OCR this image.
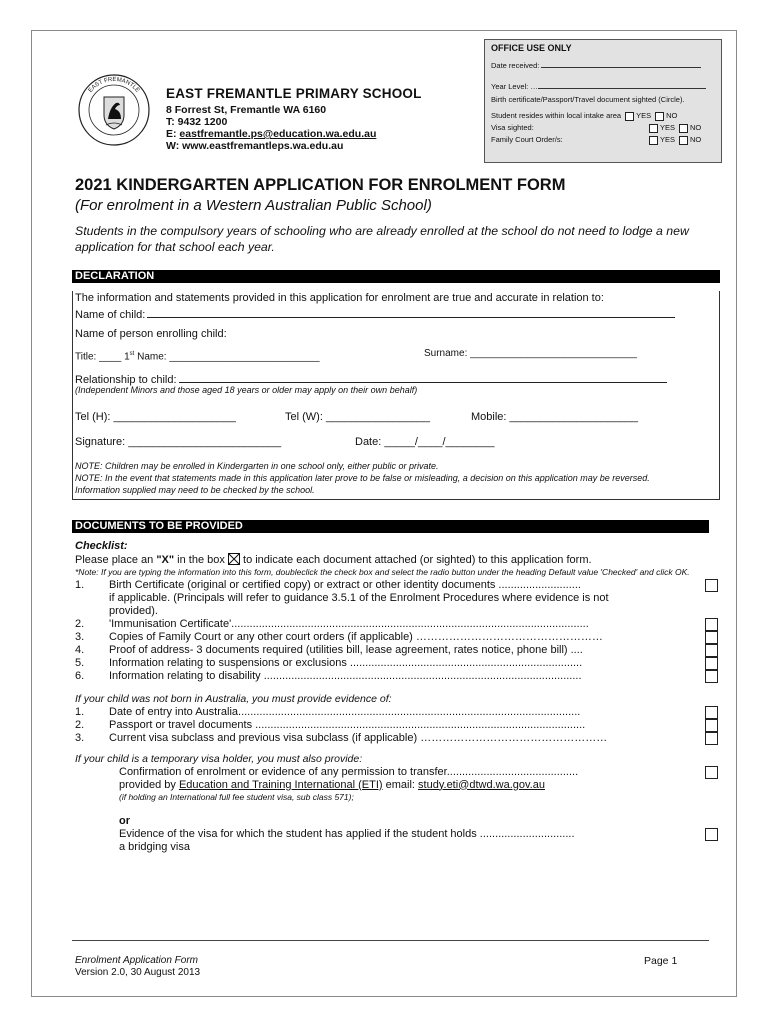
EAST FREMANTLE EAST FREMANTLE PRIMARY SCHOOL
8 Forrest St, Fremantle WA 6160
T: 9432 1200
E: eastfremantle.ps@education.wa.edu.au
W: www.eastfremantleps.wa.edu.au
OFFICE USE ONLY
Date received:
Year Level: …
Birth certificate/Passport/Travel document sighted (Circle).
Student resides within local intake area YES NO
Visa sighted:	YES NO
Family Court Order/s:	YES NO
2021 KINDERGARTEN APPLICATION FOR ENROLMENT FORM
(For enrolment in a Western Australian Public School)
Students in the compulsory years of schooling who are already enrolled at the school do not need to lodge a new application for that school each year.
DECLARATION
The information and statements provided in this application for enrolment are true and accurate in relation to:
Name of child:
Name of person enrolling child:
Title: ____ 1st Name: ___________________________	Surname: ______________________________
Relationship to child:
(Independent Minors and those aged 18 years or older may apply on their own behalf)
Tel (H): ____________________	Tel (W): _________________	Mobile: _____________________
Signature: _________________________	Date: _____/____/________
NOTE: Children may be enrolled in Kindergarten in one school only, either public or private.
NOTE: In the event that statements made in this application later prove to be false or misleading, a decision on this application may be reversed. Information supplied may need to be checked by the school.
DOCUMENTS TO BE PROVIDED
Checklist:
Please place an "X" in the box  to indicate each document attached (or sighted) to this application form.
*Note: If you are typing the information into this form, doubleclick the check box and select the radio button under the heading Default value 'Checked' and click OK.
1. Birth Certificate (original or certified copy) or extract or other identity documents ...........................
if applicable. (Principals will refer to guidance 3.5.1 of the Enrolment Procedures where evidence is not
provided).
2. 'Immunisation Certificate'.....................................................................................................................
3. Copies of Family Court or any other court orders (if applicable) ……………………………………………
4. Proof of address- 3 documents required (utilities bill, lease agreement, rates notice, phone bill) ....
5. Information relating to suspensions or exclusions ............................................................................
6. Information relating to disability ........................................................................................................
If your child was not born in Australia, you must provide evidence of:
1. Date of entry into Australia................................................................................................................
2. Passport or travel documents ............................................................................................................
3. Current visa subclass and previous visa subclass (if applicable) ……………………………………………
If your child is a temporary visa holder, you must also provide:
Confirmation of enrolment or evidence of any permission to transfer...........................................
provided by Education and Training International (ETI) email: study.eti@dtwd.wa.gov.au
(if holding an International full fee student visa, sub class 571);
or
Evidence of the visa for which the student has applied if the student holds ...............................
a bridging visa
Enrolment Application Form
Version 2.0, 30 August 2013
Page 1
